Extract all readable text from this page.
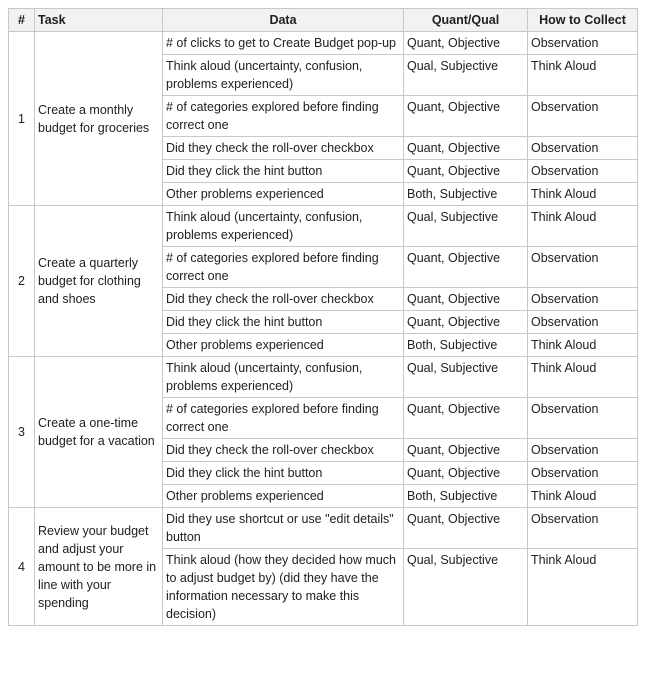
#	Task	Data	Quant/Qual	How to Collect
1	Create a monthly budget for groceries	# of clicks to get to Create Budget pop-up	Quant, Objective	Observation
		Think aloud (uncertainty, confusion, problems experienced)	Qual, Subjective	Think Aloud
		# of categories explored before finding correct one	Quant, Objective	Observation
		Did they check the roll-over checkbox	Quant, Objective	Observation
		Did they click the hint button	Quant, Objective	Observation
		Other problems experienced	Both, Subjective	Think Aloud
2	Create a quarterly budget for clothing and shoes	Think aloud (uncertainty, confusion, problems experienced)	Qual, Subjective	Think Aloud
		# of categories explored before finding correct one	Quant, Objective	Observation
		Did they check the roll-over checkbox	Quant, Objective	Observation
		Did they click the hint button	Quant, Objective	Observation
		Other problems experienced	Both, Subjective	Think Aloud
3	Create a one-time budget for a vacation	Think aloud (uncertainty, confusion, problems experienced)	Qual, Subjective	Think Aloud
		# of categories explored before finding correct one	Quant, Objective	Observation
		Did they check the roll-over checkbox	Quant, Objective	Observation
		Did they click the hint button	Quant, Objective	Observation
		Other problems experienced	Both, Subjective	Think Aloud
4	Review your budget and adjust your amount to be more in line with your spending	Did they use shortcut or use "edit details" button	Quant, Objective	Observation
		Think aloud (how they decided how much to adjust budget by) (did they have the information necessary to make this decision)	Qual, Subjective	Think Aloud
